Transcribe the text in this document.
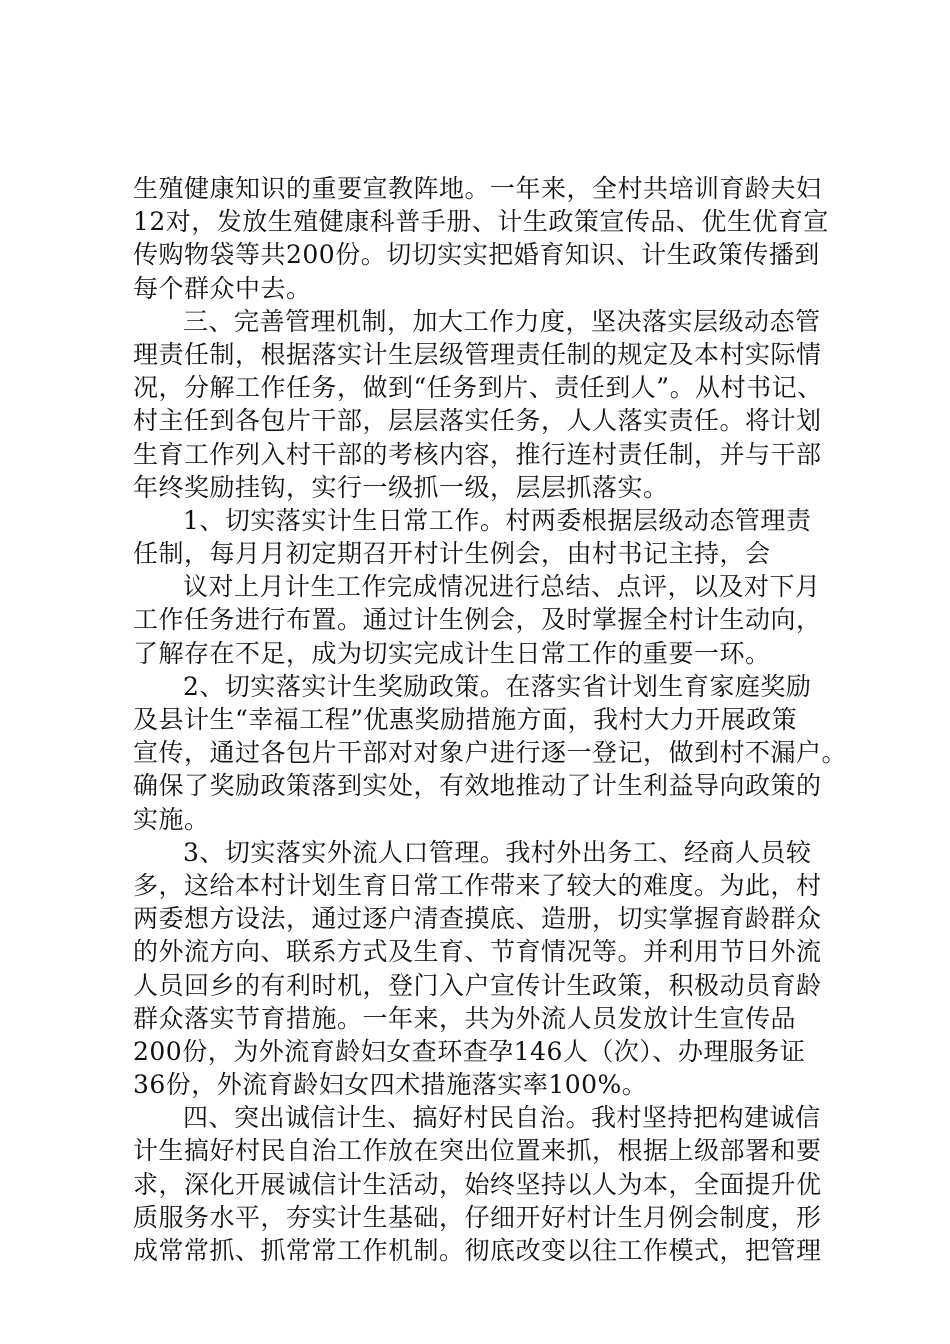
生殖健康知识的重要宣教阵地。一年来，全村共培训育龄夫妇
12对，发放生殖健康科普手册、计生政策宣传品、优生优育宣
传购物袋等共200份。切切实实把婚育知识、计生政策传播到
每个群众中去。
三、完善管理机制，加大工作力度，坚决落实层级动态管
理责任制，根据落实计生层级管理责任制的规定及本村实际情
况，分解工作任务，做到“任务到片、责任到人”。从村书记、
村主任到各包片干部，层层落实任务，人人落实责任。将计划
生育工作列入村干部的考核内容，推行连村责任制，并与干部
年终奖励挂钩，实行一级抓一级，层层抓落实。
1、切实落实计生日常工作。村两委根据层级动态管理责
任制，每月月初定期召开村计生例会，由村书记主持，会
议对上月计生工作完成情况进行总结、点评，以及对下月
工作任务进行布置。通过计生例会，及时掌握全村计生动向，
了解存在不足，成为切实完成计生日常工作的重要一环。
2、切实落实计生奖励政策。在落实省计划生育家庭奖励
及县计生“幸福工程”优惠奖励措施方面，我村大力开展政策
宣传，通过各包片干部对对象户进行逐一登记，做到村不漏户。
确保了奖励政策落到实处，有效地推动了计生利益导向政策的
实施。
3、切实落实外流人口管理。我村外出务工、经商人员较
多，这给本村计划生育日常工作带来了较大的难度。为此，村
两委想方设法，通过逐户清查摸底、造册，切实掌握育龄群众
的外流方向、联系方式及生育、节育情况等。并利用节日外流
人员回乡的有利时机，登门入户宣传计生政策，积极动员育龄
群众落实节育措施。一年来，共为外流人员发放计生宣传品
200份，为外流育龄妇女查环查孕146人（次）、办理服务证
36份，外流育龄妇女四术措施落实率100%。
四、突出诚信计生、搞好村民自治。我村坚持把构建诚信
计生搞好村民自治工作放在突出位置来抓，根据上级部署和要
求，深化开展诚信计生活动，始终坚持以人为本，全面提升优
质服务水平，夯实计生基础，仔细开好村计生月例会制度，形
成常常抓、抓常常工作机制。彻底改变以往工作模式，把管理
